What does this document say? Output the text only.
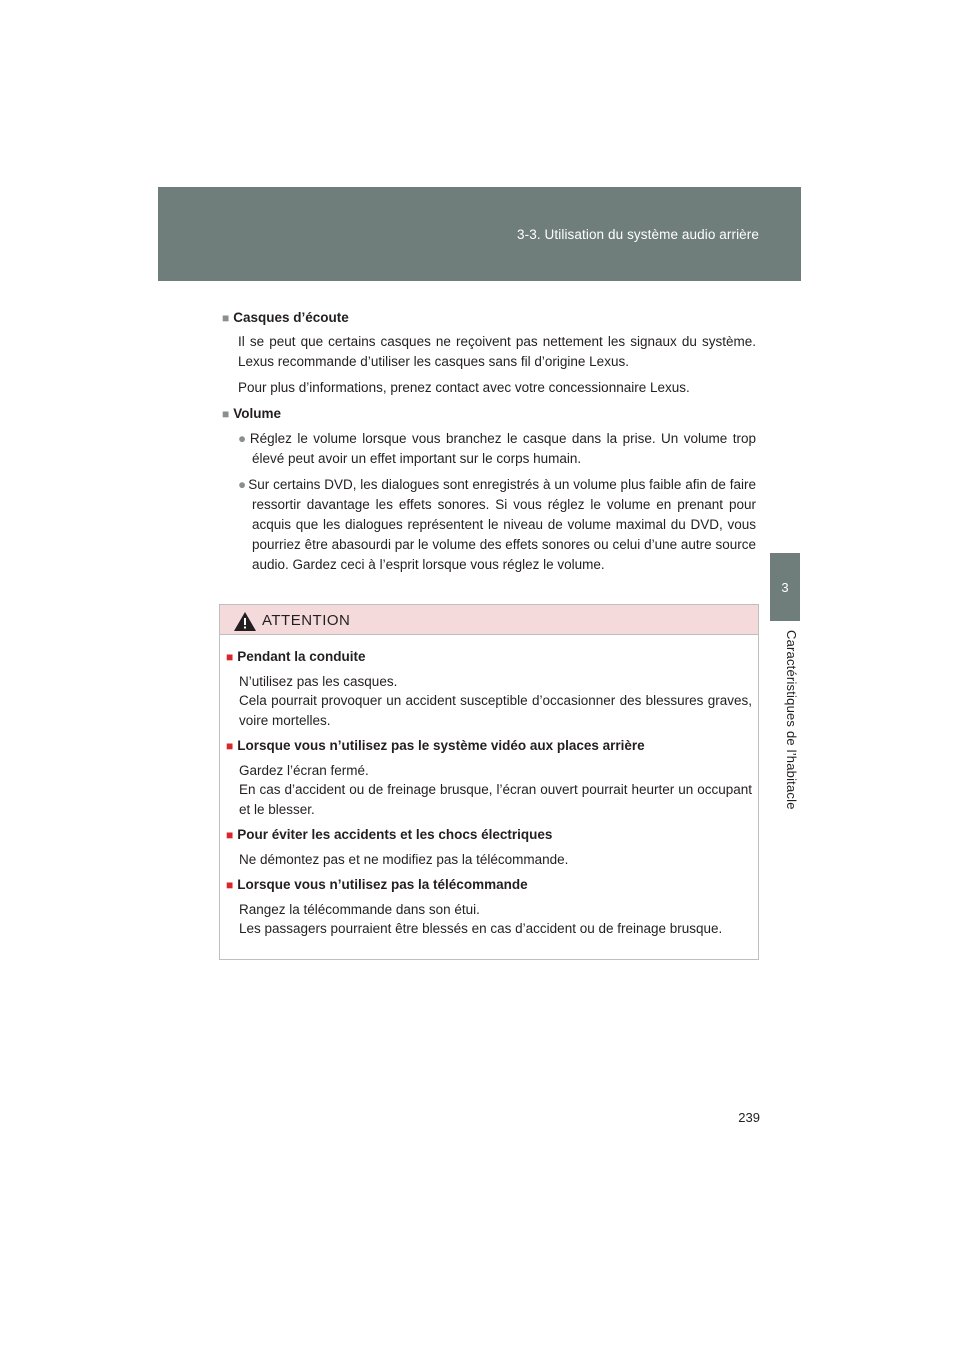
3-3. Utilisation du système audio arrière
3
Caractéristiques de l’habitacle

■ Casques d’écoute

Il se peut que certains casques ne reçoivent pas nettement les signaux du système. Lexus recommande d’utiliser les casques sans fil d’origine Lexus.

Pour plus d’informations, prenez contact avec votre concessionnaire Lexus.

■ Volume

● Réglez le volume lorsque vous branchez le casque dans la prise. Un volume trop élevé peut avoir un effet important sur le corps humain.

● Sur certains DVD, les dialogues sont enregistrés à un volume plus faible afin de faire ressortir davantage les effets sonores. Si vous réglez le volume en prenant pour acquis que les dialogues représentent le niveau de volume maximal du DVD, vous pourriez être abasourdi par le volume des effets sonores ou celui d’une autre source audio. Gardez ceci à l’esprit lorsque vous réglez le volume.

ATTENTION

■ Pendant la conduite

N’utilisez pas les casques.
Cela pourrait provoquer un accident susceptible d’occasionner des blessures graves, voire mortelles.

■ Lorsque vous n’utilisez pas le système vidéo aux places arrière

Gardez l’écran fermé.
En cas d’accident ou de freinage brusque, l’écran ouvert pourrait heurter un occupant et le blesser.

■ Pour éviter les accidents et les chocs électriques

Ne démontez pas et ne modifiez pas la télécommande.

■ Lorsque vous n’utilisez pas la télécommande

Rangez la télécommande dans son étui.
Les passagers pourraient être blessés en cas d’accident ou de freinage brusque.

239
